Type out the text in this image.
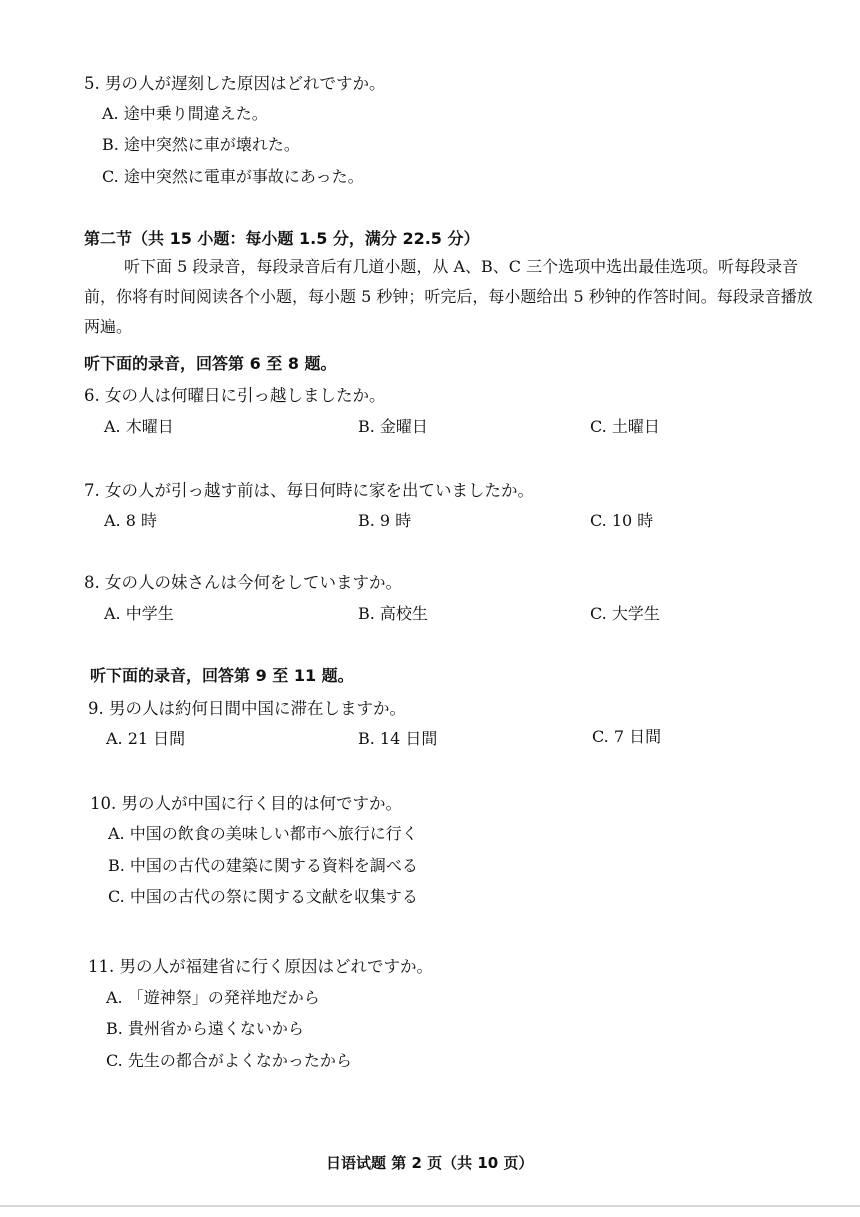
5. 男の人が遅刻した原因はどれですか。
A. 途中乗り間違えた。
B. 途中突然に車が壊れた。
C. 途中突然に電車が事故にあった。
第二节（共 15 小题：每小题 1.5 分，满分 22.5 分）
听下面 5 段录音，每段录音后有几道小题，从 A、B、C 三个选项中选出最佳选项。听每段录音前，你将有时间阅读各个小题，每小题 5 秒钟；听完后，每小题给出 5 秒钟的作答时间。每段录音播放两遍。
听下面的录音，回答第 6 至 8 题。
6. 女の人は何曜日に引っ越しましたか。
A. 木曜日	B. 金曜日	C. 土曜日
7. 女の人が引っ越す前は、毎日何時に家を出ていましたか。
A. 8 時	B. 9 時	C. 10 時
8. 女の人の妹さんは今何をしていますか。
A. 中学生	B. 高校生	C. 大学生
听下面的录音，回答第 9 至 11 题。
9. 男の人は約何日間中国に滞在しますか。
A. 21 日間	B. 14 日間	C. 7 日間
10. 男の人が中国に行く目的は何ですか。
A. 中国の飲食の美味しい都市へ旅行に行く
B. 中国の古代の建築に関する資料を調べる
C. 中国の古代の祭に関する文献を収集する
11. 男の人が福建省に行く原因はどれですか。
A. 「遊神祭」の発祥地だから
B. 貴州省から遠くないから
C. 先生の都合がよくなかったから
日语试题 第 2 页（共 10 页）
